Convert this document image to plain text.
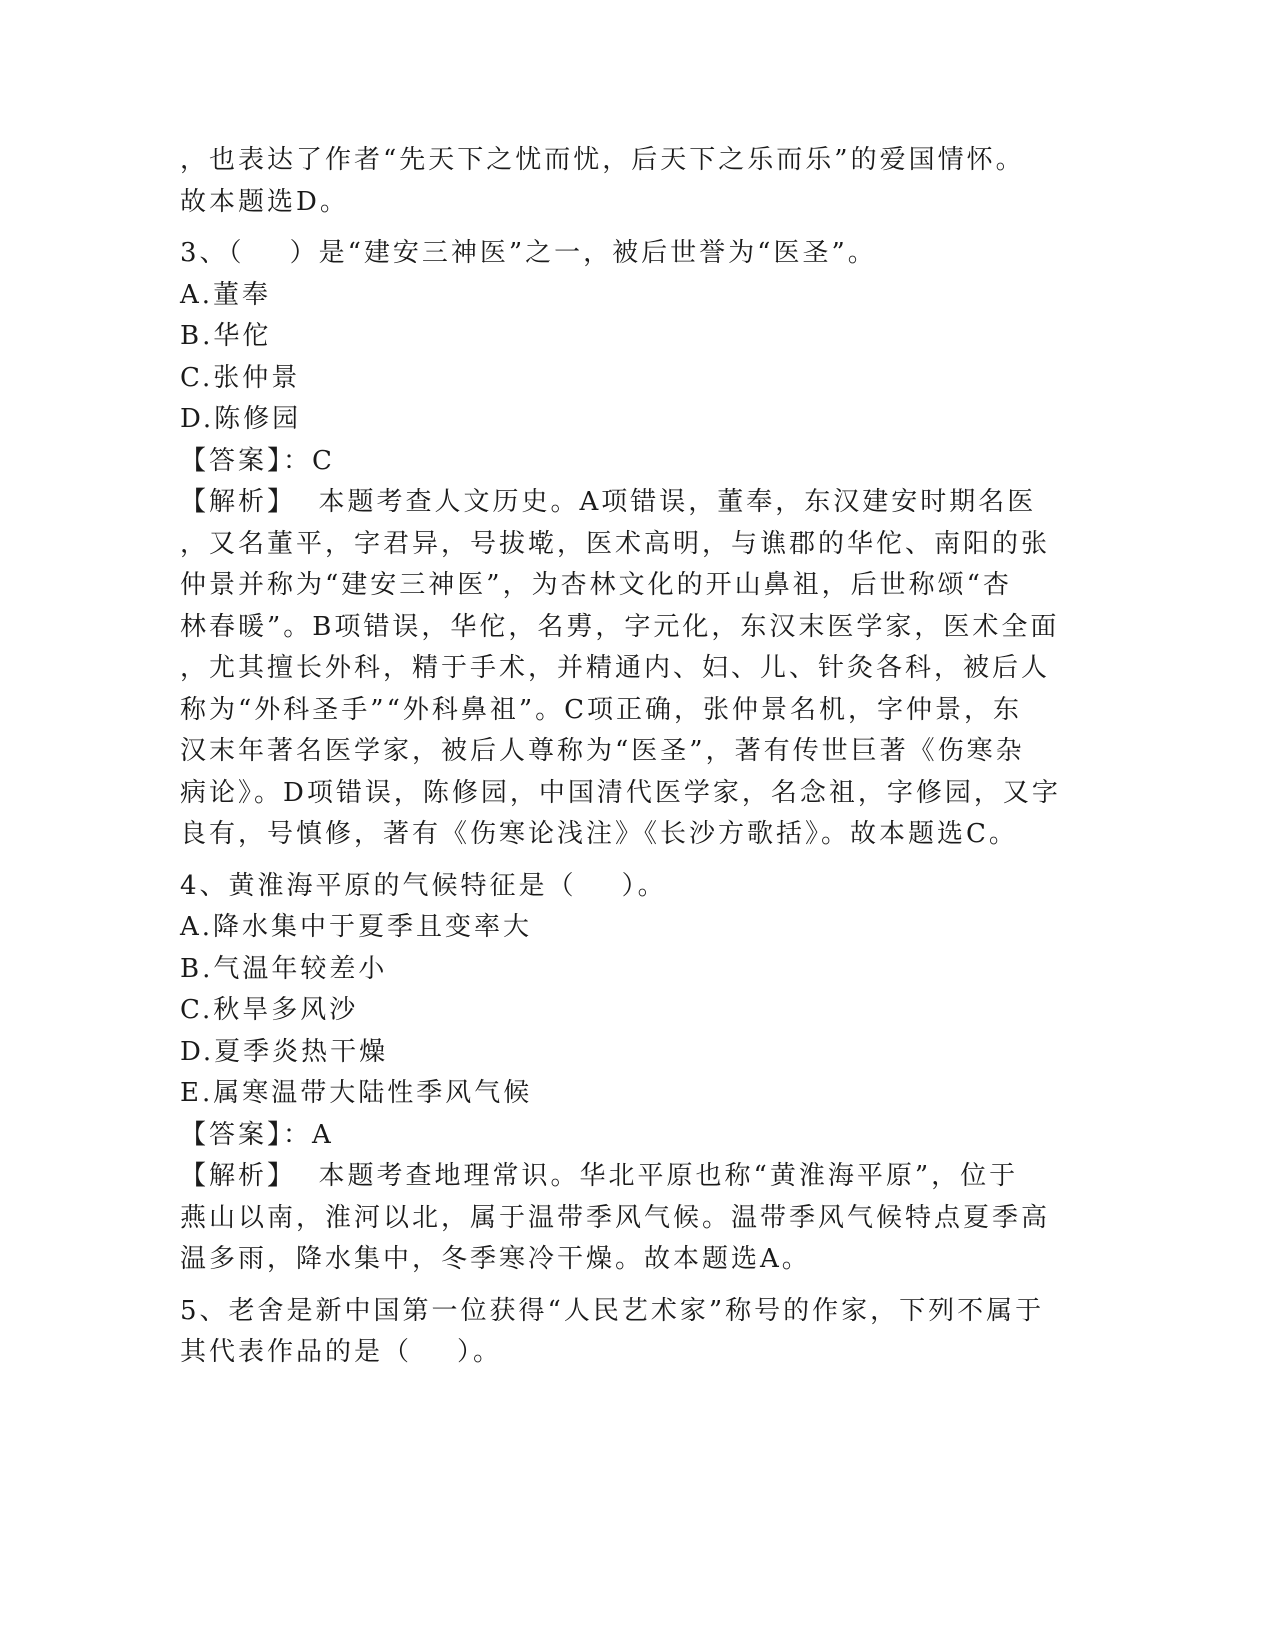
，也表达了作者“先天下之忧而忧，后天下之乐而乐”的爱国情怀。
故本题选D。
3、（    ）是“建安三神医”之一，被后世誉为“医圣”。
A.董奉
B.华佗
C.张仲景
D.陈修园
【答案】：C
【解析】  本题考查人文历史。A项错误，董奉，东汉建安时期名医
，又名董平，字君异，号拔墘，医术高明，与谯郡的华佗、南阳的张
仲景并称为“建安三神医”，为杏林文化的开山鼻祖，后世称颂“杏
林春暖”。B项错误，华佗，名旉，字元化，东汉末医学家，医术全面
，尤其擅长外科，精于手术，并精通内、妇、儿、针灸各科，被后人
称为“外科圣手”“外科鼻祖”。C项正确，张仲景名机，字仲景，东
汉末年著名医学家，被后人尊称为“医圣”，著有传世巨著《伤寒杂
病论》。D项错误，陈修园，中国清代医学家，名念祖，字修园，又字
良有，号慎修，著有《伤寒论浅注》《长沙方歌括》。故本题选C。
4、黄淮海平原的气候特征是（    ）。
A.降水集中于夏季且变率大
B.气温年较差小
C.秋旱多风沙
D.夏季炎热干燥
E.属寒温带大陆性季风气候
【答案】：A
【解析】  本题考查地理常识。华北平原也称“黄淮海平原”，位于
燕山以南，淮河以北，属于温带季风气候。温带季风气候特点夏季高
温多雨，降水集中，冬季寒冷干燥。故本题选A。
5、老舍是新中国第一位获得“人民艺术家”称号的作家，下列不属于
其代表作品的是（    ）。
